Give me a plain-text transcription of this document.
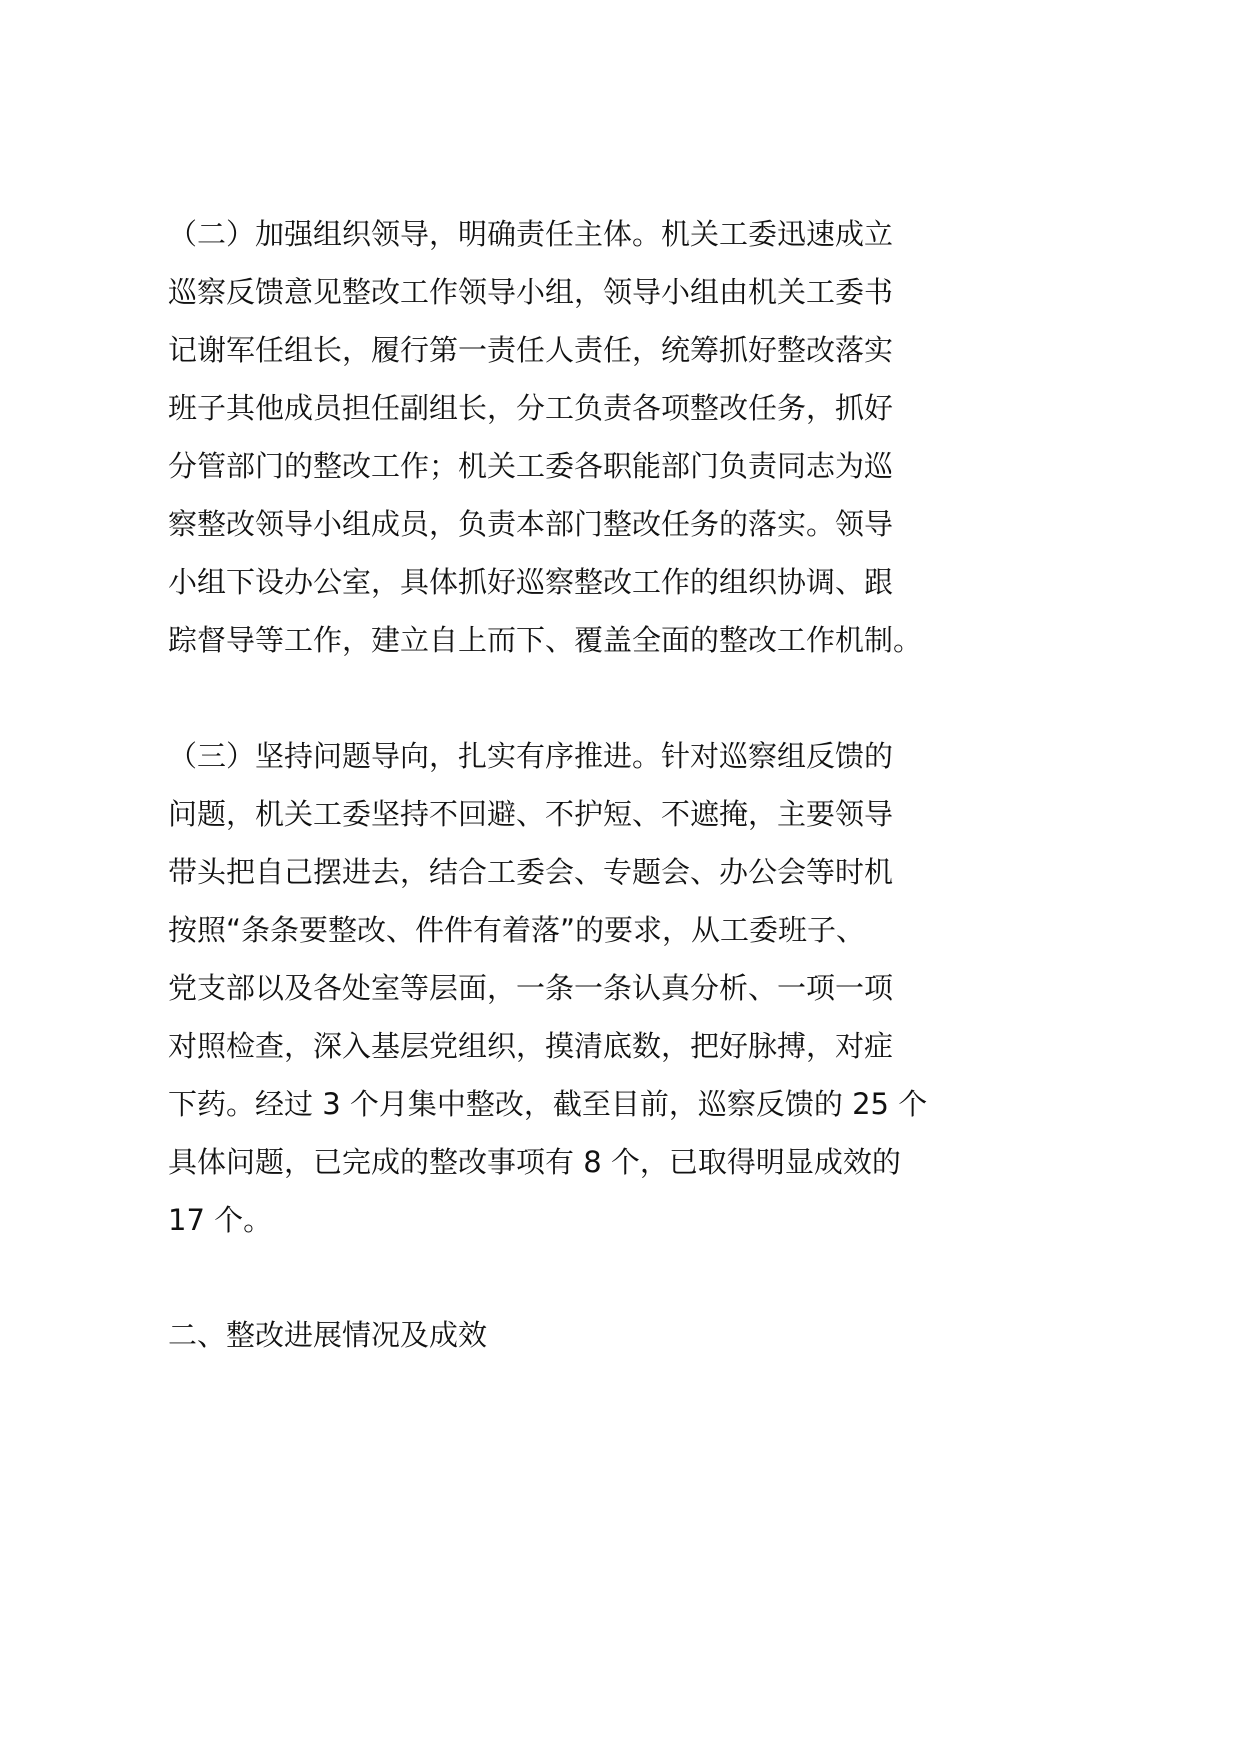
（二）加强组织领导，明确责任主体。机关工委迅速成立
巡察反馈意见整改工作领导小组，领导小组由机关工委书
记谢军任组长，履行第一责任人责任，统筹抓好整改落实
班子其他成员担任副组长，分工负责各项整改任务，抓好
分管部门的整改工作；机关工委各职能部门负责同志为巡
察整改领导小组成员，负责本部门整改任务的落实。领导
小组下设办公室，具体抓好巡察整改工作的组织协调、跟
踪督导等工作，建立自上而下、覆盖全面的整改工作机制。
（三）坚持问题导向，扎实有序推进。针对巡察组反馈的
问题，机关工委坚持不回避、不护短、不遮掩，主要领导
带头把自己摆进去，结合工委会、专题会、办公会等时机
按照“条条要整改、件件有着落”的要求，从工委班子、
党支部以及各处室等层面，一条一条认真分析、一项一项
对照检查，深入基层党组织，摸清底数，把好脉搏，对症
下药。经过 3 个月集中整改，截至目前，巡察反馈的 25 个
具体问题，已完成的整改事项有 8 个，已取得明显成效的
17 个。
二、整改进展情况及成效
